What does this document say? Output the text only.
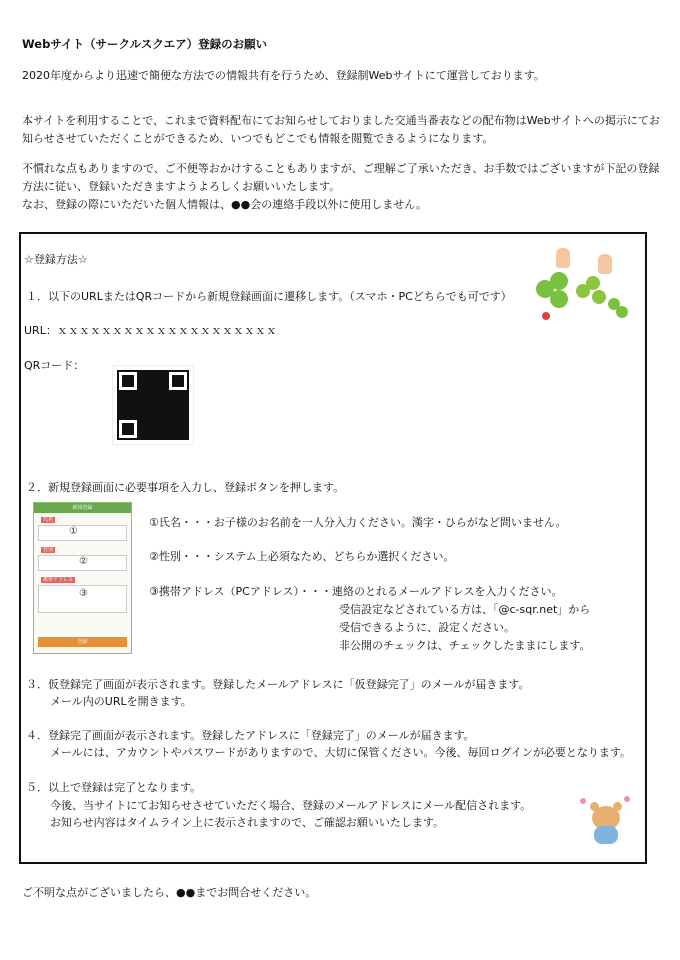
Webサイト（サークルスクエア）登録のお願い
2020年度からより迅速で簡便な方法での情報共有を行うため、登録制Webサイトにて運営しております。
本サイトを利用することで、これまで資料配布にてお知らせしておりました交通当番表などの配布物はWebサイトへの掲示にてお
知らせさせていただくことができるため、いつでもどこでも情報を閲覧できるようになります。
不慣れな点もありますので、ご不便等おかけすることもありますが、ご理解ご了承いただき、お手数ではございますが下記の登録
方法に従い、登録いただきますようよろしくお願いいたします。
なお、登録の際にいただいた個人情報は、●●会の連絡手段以外に使用しません。
☆登録方法☆
１．以下のURLまたはQRコードから新規登録画面に遷移します。（スマホ・PCどちらでも可です）
URL：ｘｘｘｘｘｘｘｘｘｘｘｘｘｘｘｘｘｘｘｘ
QRコード：
２．新規登録画面に必要事項を入力し、登録ボタンを押します。
新規登録
氏名
①
性別
②
携帯アドレス
③
登録
①氏名・・・お子様のお名前を一人分入力ください。漢字・ひらがなど問いません。
②性別・・・システム上必須なため、どちらか選択ください。
③携帯アドレス（PCアドレス）・・・連絡のとれるメールアドレスを入力ください。
受信設定などされている方は、「@c-sqr.net」から
受信できるように、設定ください。
非公開のチェックは、チェックしたままにします。
３．仮登録完了画面が表示されます。登録したメールアドレスに「仮登録完了」のメールが届きます。
メール内のURLを開きます。
４．登録完了画面が表示されます。登録したアドレスに「登録完了」のメールが届きます。
メールには、アカウントやパスワードがありますので、大切に保管ください。今後、毎回ログインが必要となります。
５．以上で登録は完了となります。
今後、当サイトにてお知らせさせていただく場合、登録のメールアドレスにメール配信されます。
お知らせ内容はタイムライン上に表示されますので、ご確認お願いいたします。
ご不明な点がございましたら、●●までお問合せください。
